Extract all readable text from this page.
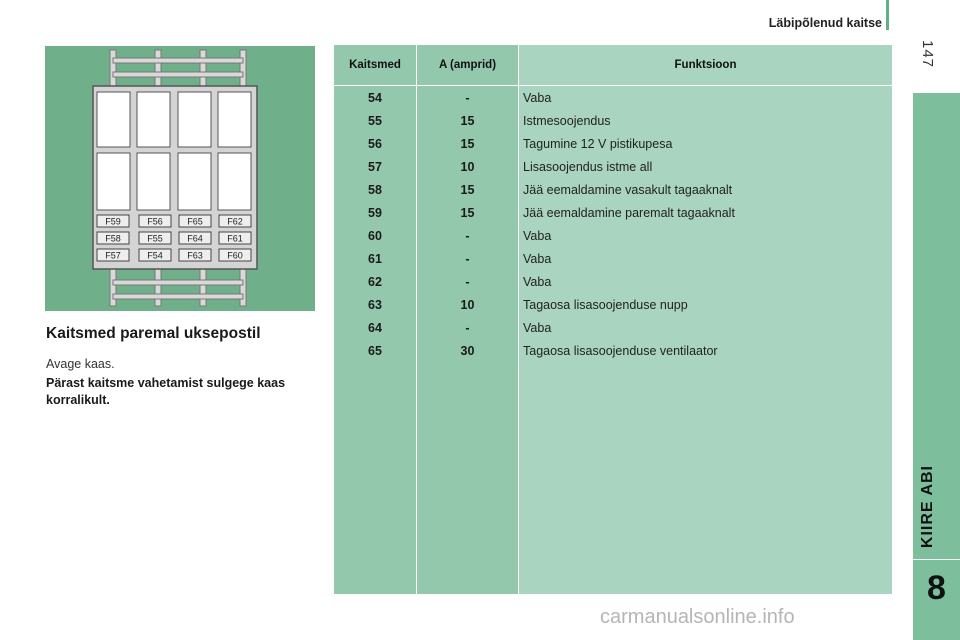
Läbipõlenud kaitse
147
KIIRE ABI
8
F59	F56	F65	F62
F58	F55	F64	F61
F57	F54	F63	F60
Kaitsmed paremal uksepostil

Avage kaas.

Pärast kaitsme vahetamist sulgege kaas korralikult.

Kaitsmed	A (amprid)	Funktsioon
54	-	Vaba
55	15	Istmesoojendus
56	15	Tagumine 12 V pistikupesa
57	10	Lisasoojendus istme all
58	15	Jää eemaldamine vasakult tagaaknalt
59	15	Jää eemaldamine paremalt tagaaknalt
60	-	Vaba
61	-	Vaba
62	-	Vaba
63	10	Tagaosa lisasoojenduse nupp
64	-	Vaba
65	30	Tagaosa lisasoojenduse ventilaator
carmanualsonline.info
